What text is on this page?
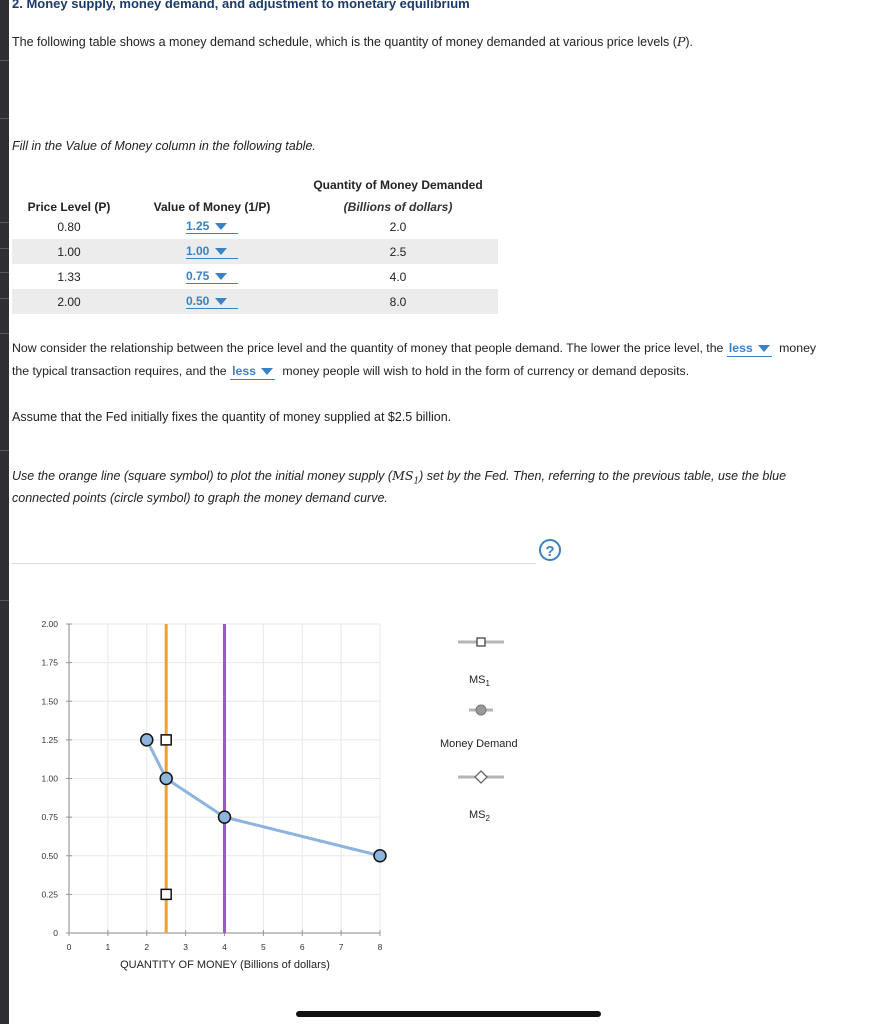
2. Money supply, money demand, and adjustment to monetary equilibrium
The following table shows a money demand schedule, which is the quantity of money demanded at various price levels (P).
Fill in the Value of Money column in the following table.
		Quantity of Money Demanded
Price Level (P)	Value of Money (1/P)	(Billions of dollars)
0.80	1.25	2.0
1.00	1.00	2.5
1.33	0.75	4.0
2.00	0.50	8.0
Now consider the relationship between the price level and the quantity of money that people demand. The lower the price level, the less money
the typical transaction requires, and the less money people will wish to hold in the form of currency or demand deposits.
Assume that the Fed initially fixes the quantity of money supplied at $2.5 billion.
Use the orange line (square symbol) to plot the initial money supply $(MS_1)$ set by the Fed. Then, referring to the previous table, use the blue
connected points (circle symbol) to graph the money demand curve.
?
0	1	2	3	4	5	6	7	8
0
0.25
0.50
0.75
1.00
1.25
1.50
1.75
2.00
QUANTITY OF MONEY (Billions of dollars)
$MS_1$
Money Demand
$MS_2$
